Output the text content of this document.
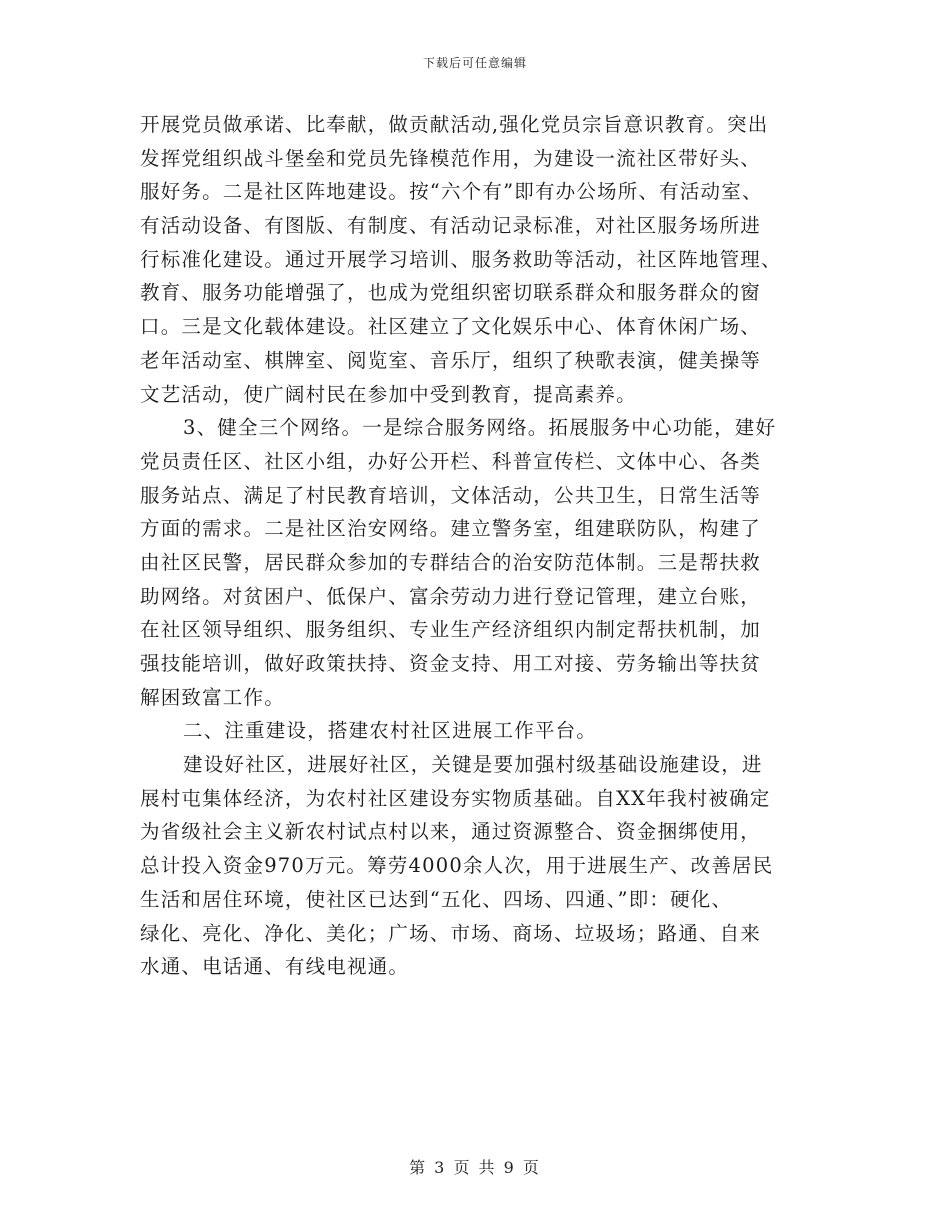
下载后可任意编辑
开展党员做承诺、比奉献，做贡献活动,强化党员宗旨意识教育。突出
发挥党组织战斗堡垒和党员先锋模范作用，为建设一流社区带好头、
服好务。二是社区阵地建设。按“六个有”即有办公场所、有活动室、
有活动设备、有图版、有制度、有活动记录标准，对社区服务场所进
行标准化建设。通过开展学习培训、服务救助等活动，社区阵地管理、
教育、服务功能增强了，也成为党组织密切联系群众和服务群众的窗
口。三是文化载体建设。社区建立了文化娱乐中心、体育休闲广场、
老年活动室、棋牌室、阅览室、音乐厅，组织了秧歌表演，健美操等
文艺活动，使广阔村民在参加中受到教育，提高素养。
3、健全三个网络。一是综合服务网络。拓展服务中心功能，建好
党员责任区、社区小组，办好公开栏、科普宣传栏、文体中心、各类
服务站点、满足了村民教育培训，文体活动，公共卫生，日常生活等
方面的需求。二是社区治安网络。建立警务室，组建联防队，构建了
由社区民警，居民群众参加的专群结合的治安防范体制。三是帮扶救
助网络。对贫困户、低保户、富余劳动力进行登记管理，建立台账，
在社区领导组织、服务组织、专业生产经济组织内制定帮扶机制，加
强技能培训，做好政策扶持、资金支持、用工对接、劳务输出等扶贫
解困致富工作。
二、注重建设，搭建农村社区进展工作平台。
建设好社区，进展好社区，关键是要加强村级基础设施建设，进
展村屯集体经济，为农村社区建设夯实物质基础。自XX年我村被确定
为省级社会主义新农村试点村以来，通过资源整合、资金捆绑使用，
总计投入资金970万元。筹劳4000余人次，用于进展生产、改善居民
生活和居住环境，使社区已达到“五化、四场、四通、”即：硬化、
绿化、亮化、净化、美化；广场、市场、商场、垃圾场；路通、自来
水通、电话通、有线电视通。
第 3 页 共 9 页
